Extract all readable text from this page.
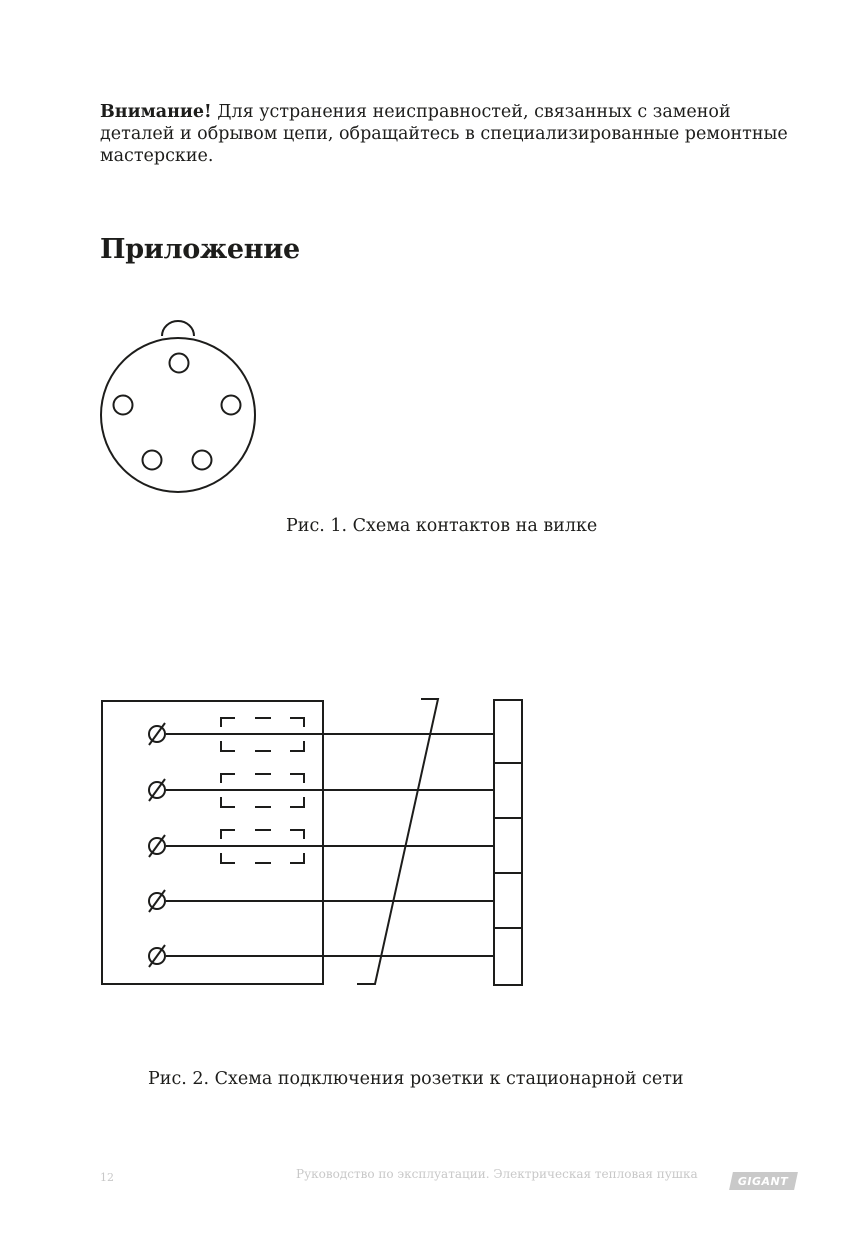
Внимание! Для устранения неисправностей, связанных с заменой деталей и обрывом цепи, обращайтесь в специализированные ремонтные мастерские.

Приложение

Рис. 1. Схема контактов на вилке

Рис. 2. Схема подключения розетки к стационарной сети

12	Руководство по эксплуатации. Электрическая тепловая пушка	GIGANT
